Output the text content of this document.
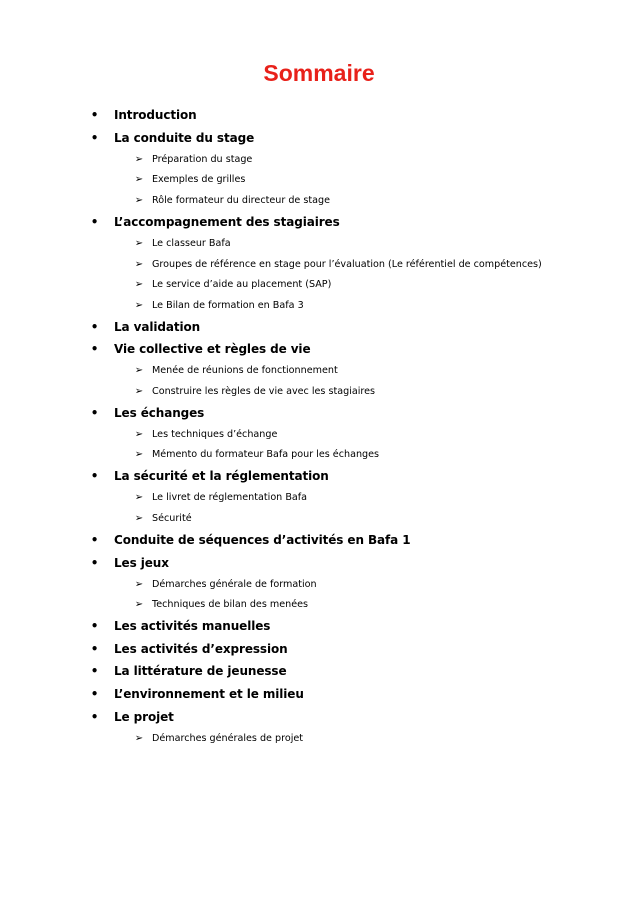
Sommaire
• Introduction
• La conduite du stage
➢ Préparation du stage
➢ Exemples de grilles
➢ Rôle formateur du directeur de stage
• L’accompagnement des stagiaires
➢ Le classeur Bafa
➢ Groupes de référence en stage pour l’évaluation (Le référentiel de compétences)
➢ Le service d’aide au placement (SAP)
➢ Le Bilan de formation en Bafa 3
• La validation
• Vie collective et règles de vie
➢ Menée de réunions de fonctionnement
➢ Construire les règles de vie avec les stagiaires
• Les échanges
➢ Les techniques d’échange
➢ Mémento du formateur Bafa pour les échanges
• La sécurité et la réglementation
➢ Le livret de réglementation Bafa
➢ Sécurité
• Conduite de séquences d’activités en Bafa 1
• Les jeux
➢ Démarches générale de formation
➢ Techniques de bilan des menées
• Les activités manuelles
• Les activités d’expression
• La littérature de jeunesse
• L’environnement et le milieu
• Le projet
➢ Démarches générales de projet
